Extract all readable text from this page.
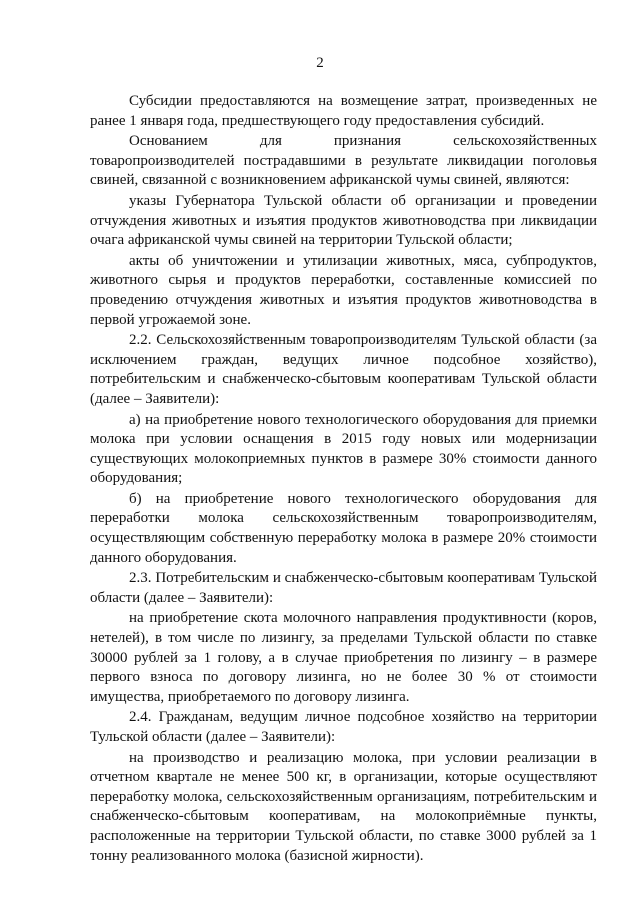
2

Субсидии предоставляются на возмещение затрат, произведенных не ранее 1 января года, предшествующего году предоставления субсидий.

Основанием для признания сельскохозяйственных товаропроизводителей пострадавшими в результате ликвидации поголовья свиней, связанной с возникновением африканской чумы свиней, являются:

указы Губернатора Тульской области об организации и проведении отчуждения животных и изъятия продуктов животноводства при ликвидации очага африканской чумы свиней на территории Тульской области;

акты об уничтожении и утилизации животных, мяса, субпродуктов, животного сырья и продуктов переработки, составленные комиссией по проведению отчуждения животных и изъятия продуктов животноводства в первой угрожаемой зоне.

2.2. Сельскохозяйственным товаропроизводителям Тульской области (за исключением граждан, ведущих личное подсобное хозяйство), потребительским и снабженческо-сбытовым кооперативам Тульской области (далее – Заявители):

а) на приобретение нового технологического оборудования для приемки молока при условии оснащения в 2015 году новых или модернизации существующих молокоприемных пунктов в размере 30% стоимости данного оборудования;

б) на приобретение нового технологического оборудования для переработки молока сельскохозяйственным товаропроизводителям, осуществляющим собственную переработку молока в размере 20% стоимости данного оборудования.

2.3. Потребительским и снабженческо-сбытовым кооперативам Тульской области (далее – Заявители):

на приобретение скота молочного направления продуктивности (коров, нетелей), в том числе по лизингу, за пределами Тульской области по ставке 30000 рублей за 1 голову, а в случае приобретения по лизингу – в размере первого взноса по договору лизинга, но не более 30 % от стоимости имущества, приобретаемого по договору лизинга.

2.4. Гражданам, ведущим личное подсобное хозяйство на территории Тульской области (далее – Заявители):

на производство и реализацию молока, при условии реализации в отчетном квартале не менее 500 кг, в организации, которые осуществляют переработку молока, сельскохозяйственным организациям, потребительским и снабженческо-сбытовым кооперативам, на молокоприёмные пункты, расположенные на территории Тульской области, по ставке 3000 рублей за 1 тонну реализованного молока (базисной жирности).
